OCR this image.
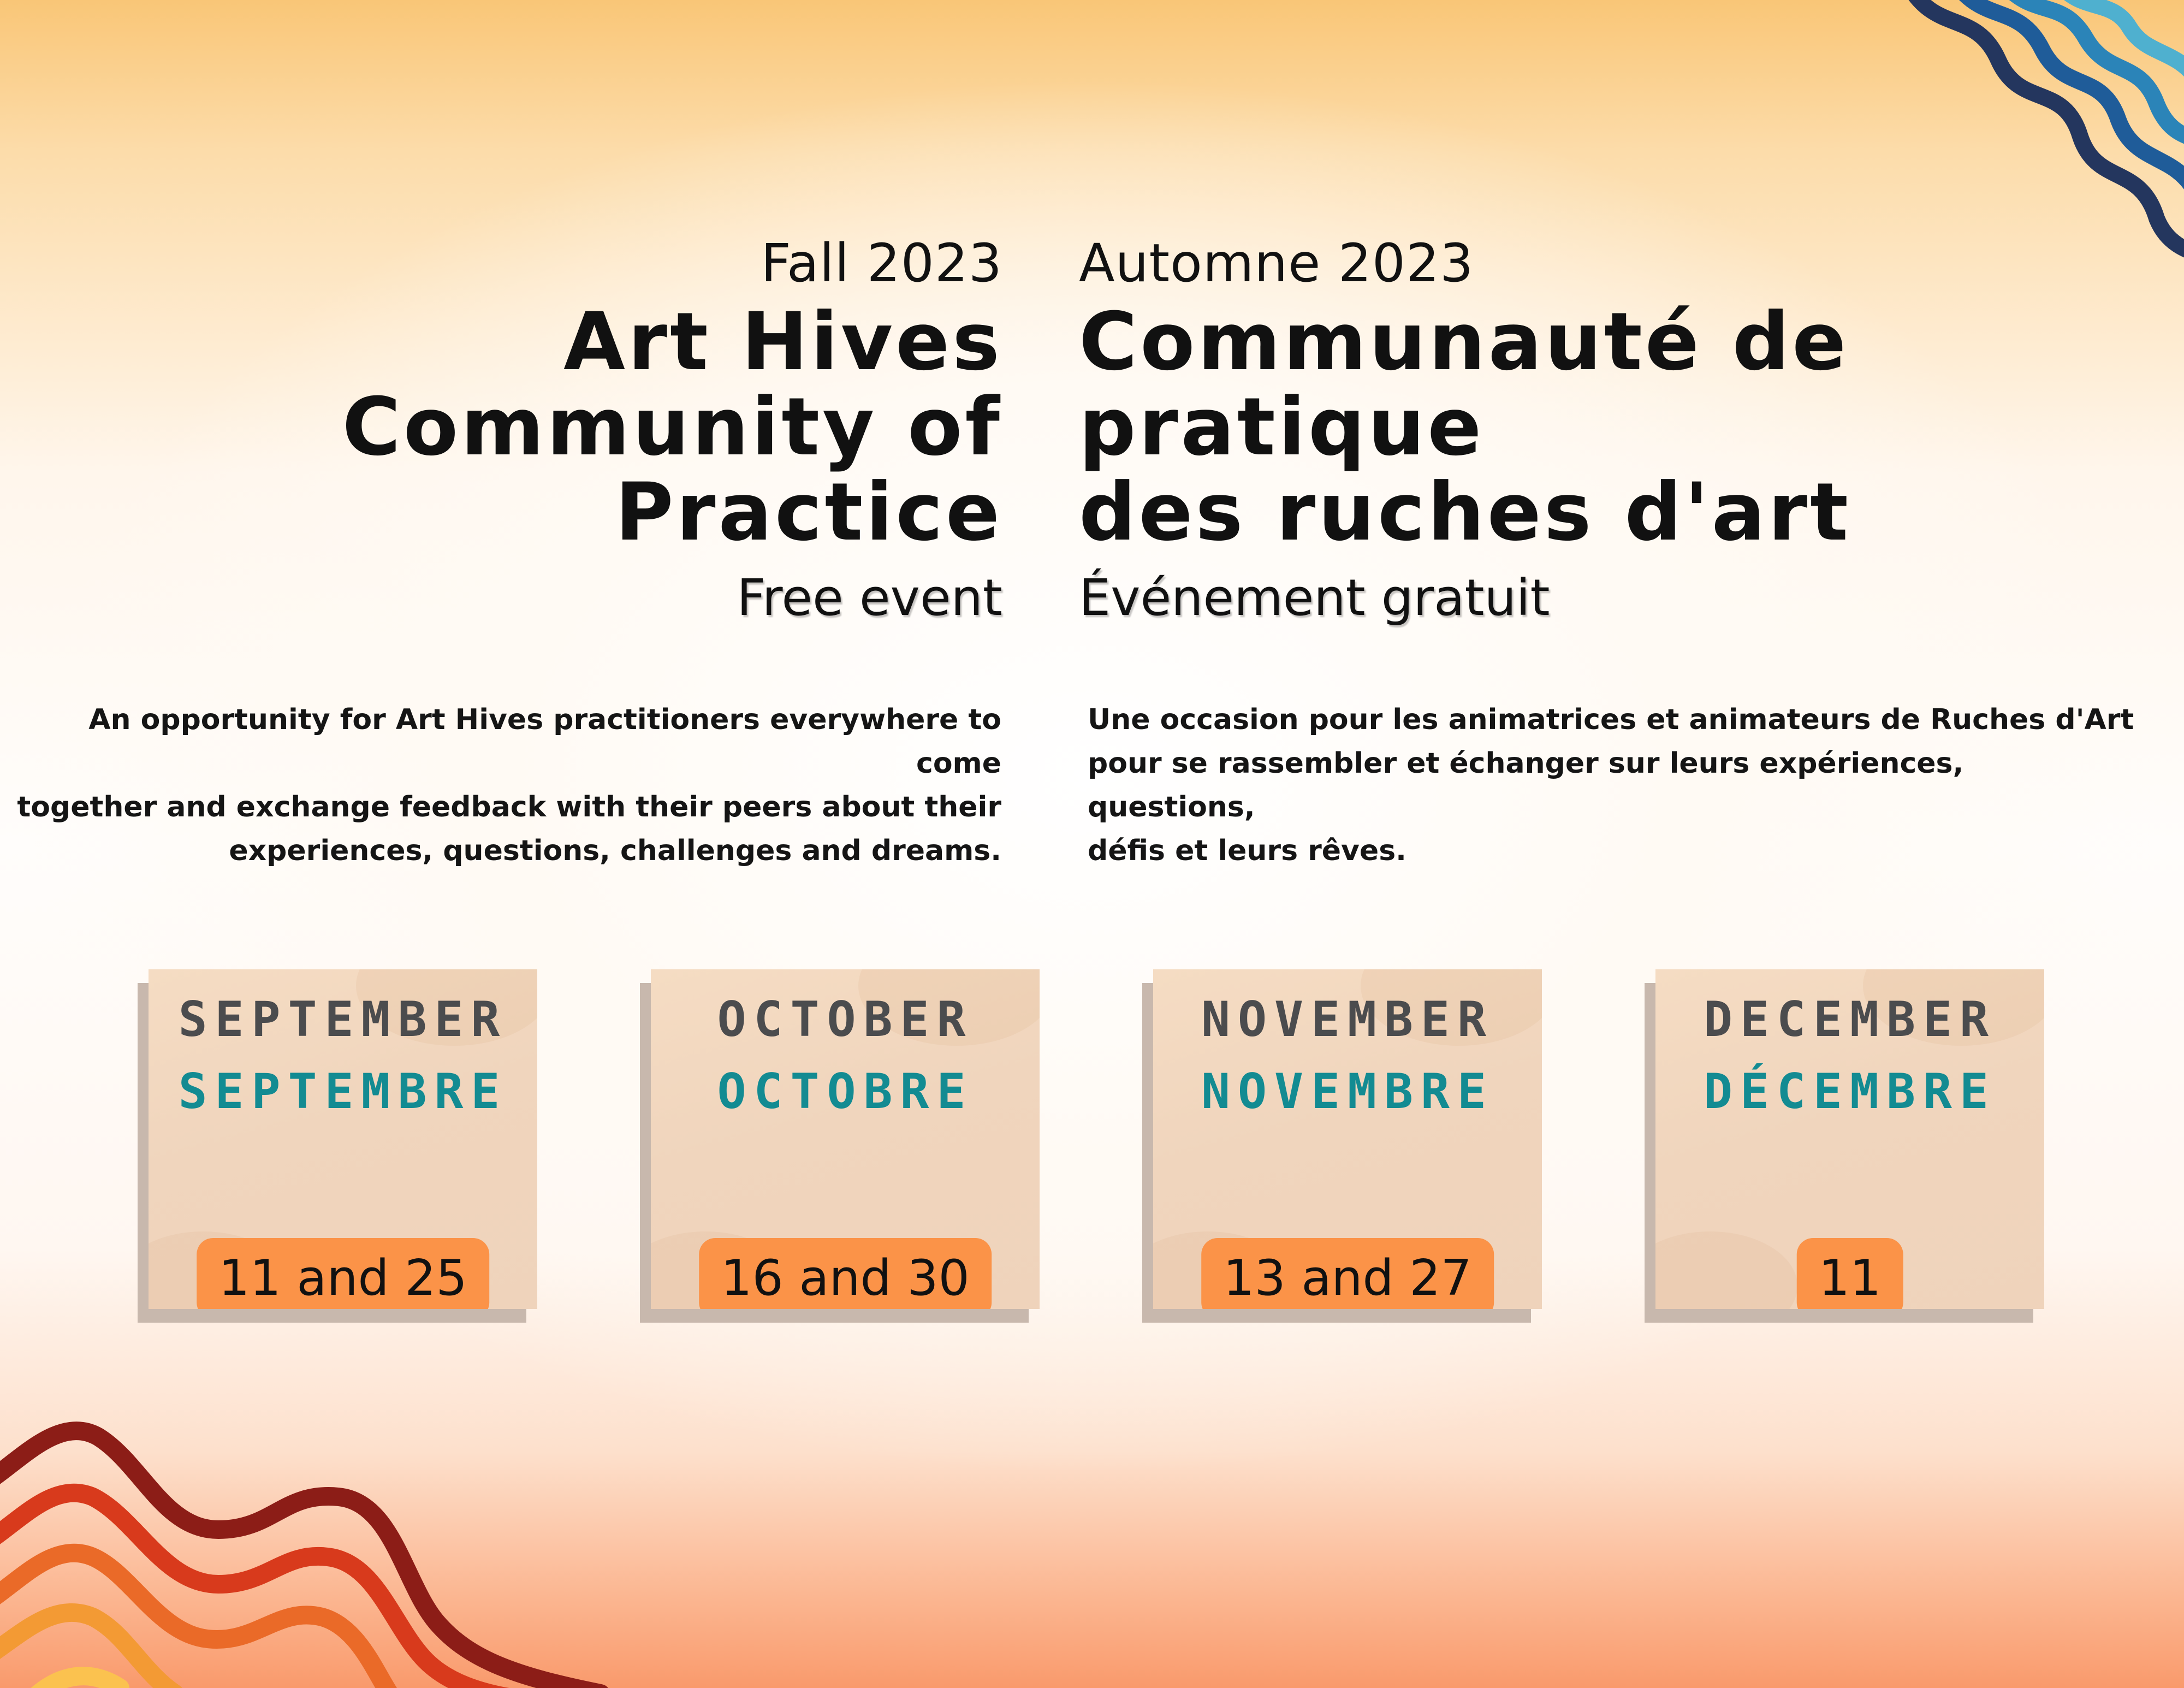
Fall 2023
Art Hives
Community of Practice
Free event
Automne 2023
Communauté de pratique
des ruches d'art
Événement gratuit
An opportunity for Art Hives practitioners everywhere to come
together and exchange feedback with their peers about their
experiences, questions, challenges and dreams.
Une occasion pour les animatrices et animateurs de Ruches d'Art
pour se rassembler et échanger sur leurs expériences, questions,
défis et leurs rêves.
SEPTEMBER
SEPTEMBRE
11 and 25
OCTOBER
OCTOBRE
16 and 30
NOVEMBER
NOVEMBRE
13 and 27
DECEMBER
DÉCEMBRE
11
